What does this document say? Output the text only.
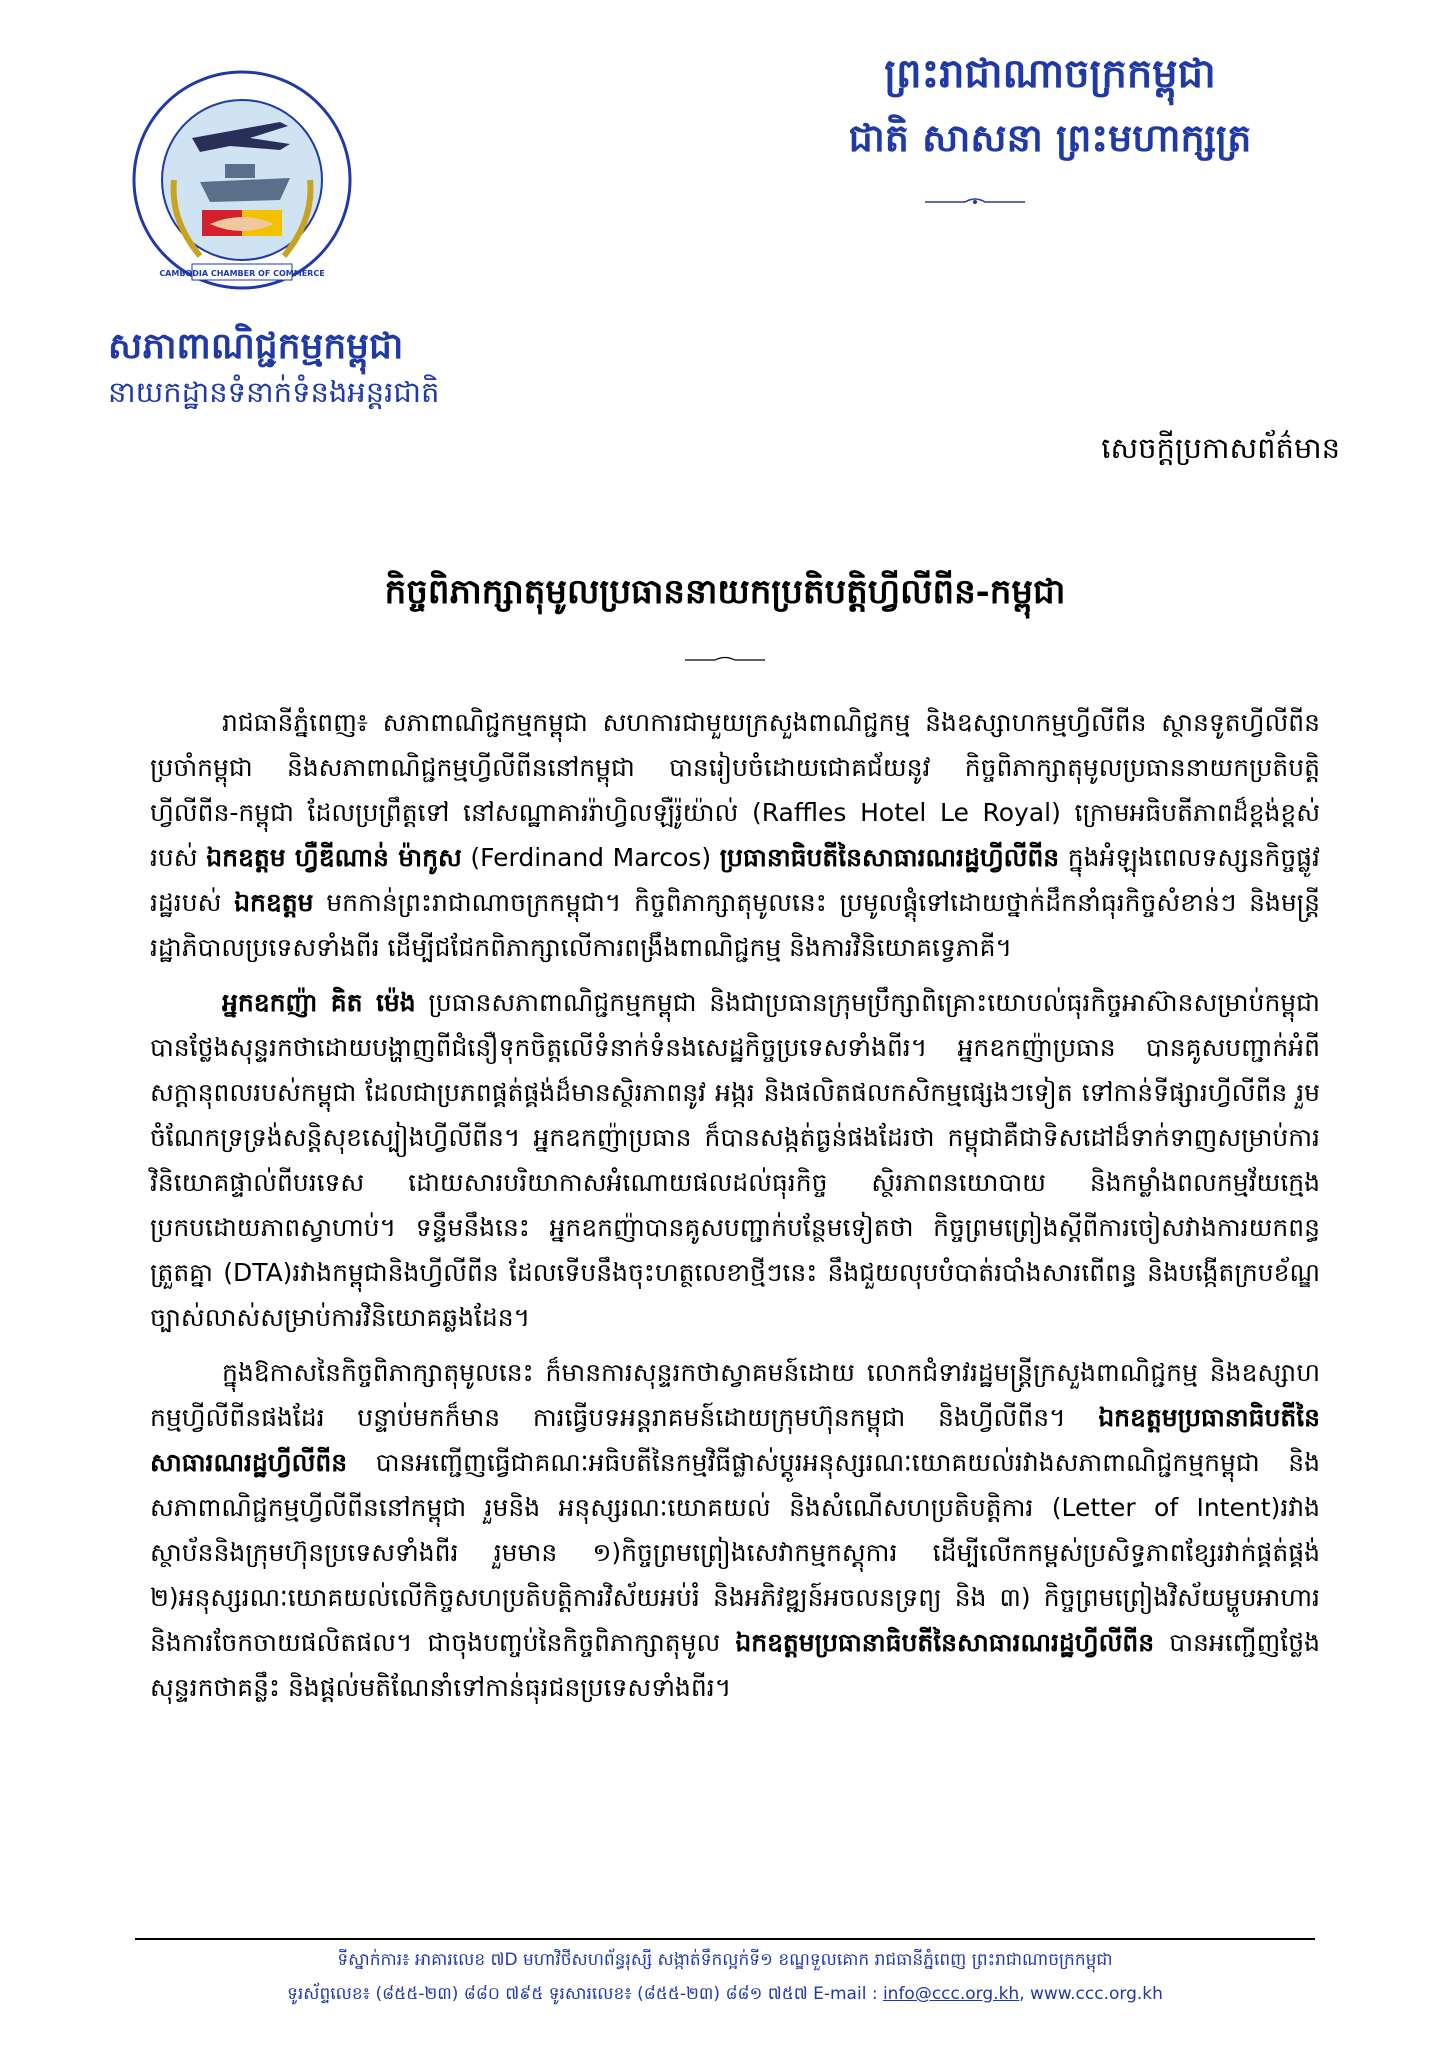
CAMBODIA CHAMBER OF COMMERCE
សភាពាណិជ្ជកម្មកម្ពុជា
នាយកដ្ឋានទំនាក់ទំនងអន្តរជាតិ
ព្រះរាជាណាចក្រកម្ពុជា
ជាតិ សាសនា ព្រះមហាក្សត្រ
សេចក្តីប្រកាសព័ត៌មាន
កិច្ចពិភាក្សាតុមូលប្រធាននាយកប្រតិបត្តិហ្វីលីពីន-កម្ពុជា

រាជធានីភ្នំពេញ៖ សភាពាណិជ្ជកម្មកម្ពុជា សហការជាមួយក្រសួងពាណិជ្ជកម្ម និងឧស្សាហកម្មហ្វីលីពីន ស្ថានទូតហ្វីលីពីនប្រចាំកម្ពុជា និងសភាពាណិជ្ជកម្មហ្វីលីពីននៅកម្ពុជា បានរៀបចំដោយជោគជ័យនូវ កិច្ចពិភាក្សាតុមូលប្រធាននាយកប្រតិបត្តិហ្វីលីពីន-កម្ពុជា ដែលប្រព្រឹត្តទៅ នៅសណ្ឋាគាររ៉ាហ្វិលឡឺរ៉ូយ៉ាល់ (Raffles Hotel Le Royal) ក្រោមអធិបតីភាពដ៏ខ្ពង់ខ្ពស់របស់ ឯកឧត្តម ហ្វឺឌីណាន់ ម៉ាកូស (Ferdinand Marcos) ប្រធានាធិបតីនៃសាធារណរដ្ឋហ្វីលីពីន ក្នុងអំឡុងពេលទស្សនកិច្ចផ្លូវរដ្ឋរបស់ ឯកឧត្តម មកកាន់ព្រះរាជាណាចក្រកម្ពុជា។ កិច្ចពិភាក្សាតុមូលនេះ ប្រមូលផ្តុំទៅដោយថ្នាក់ដឹកនាំធុរកិច្ចសំខាន់ៗ និងមន្រ្តីរដ្ឋាភិបាលប្រទេសទាំងពីរ ដើម្បីជជែកពិភាក្សាលើការពង្រឹងពាណិជ្ជកម្ម និងការវិនិយោគទ្វេភាគី។

អ្នកឧកញ៉ា គិត ម៉េង ប្រធានសភាពាណិជ្ជកម្មកម្ពុជា និងជាប្រធានក្រុមប្រឹក្សាពិគ្រោះយោបល់ធុរកិច្ចអាស៊ានសម្រាប់កម្ពុជា បានថ្លែងសុន្ទរកថាដោយបង្ហាញពីជំនឿទុកចិត្តលើទំនាក់ទំនងសេដ្ឋកិច្ចប្រទេសទាំងពីរ។ អ្នកឧកញ៉ាប្រធាន បានគូសបញ្ជាក់អំពីសក្តានុពលរបស់កម្ពុជា ដែលជាប្រភពផ្គត់ផ្គង់ដ៏មានស្ថិរភាពនូវ អង្ករ និងផលិតផលកសិកម្មផ្សេងៗទៀត ទៅកាន់ទីផ្សារហ្វីលីពីន រួមចំណែកទ្រទ្រង់សន្តិសុខស្បៀងហ្វីលីពីន។ អ្នកឧកញ៉ាប្រធាន ក៏បានសង្កត់ធ្ងន់ផងដែរថា កម្ពុជាគឺជាទិសដៅដ៏ទាក់ទាញសម្រាប់ការវិនិយោគផ្ទាល់ពីបរទេស ដោយសារបរិយាកាសអំណោយផលដល់ធុរកិច្ច ស្ថិរភាពនយោបាយ និងកម្លាំងពលកម្មវ័យក្មេង ប្រកបដោយភាពស្វាហាប់។ ទន្ទឹមនឹងនេះ អ្នកឧកញ៉ាបានគូសបញ្ជាក់បន្ថែមទៀតថា កិច្ចព្រមព្រៀងស្តីពីការចៀសវាងការយកពន្ធត្រួតគ្នា (DTA)រវាងកម្ពុជានិងហ្វីលីពីន ដែលទើបនឹងចុះហត្ថលេខាថ្មីៗនេះ នឹងជួយលុបបំបាត់របាំងសារពើពន្ធ និងបង្កើតក្របខ័ណ្ឌច្បាស់លាស់សម្រាប់ការវិនិយោគឆ្លងដែន។

ក្នុងឱកាសនៃកិច្ចពិភាក្សាតុមូលនេះ ក៏មានការសុន្ទរកថាស្វាគមន៍ដោយ លោកជំទាវរដ្ឋមន្រ្តីក្រសួងពាណិជ្ជកម្ម និងឧស្សាហកម្មហ្វីលីពីនផងដែរ បន្ទាប់មកក៏មាន ការធ្វើបទអន្តរាគមន៍ដោយក្រុមហ៊ុនកម្ពុជា និងហ្វីលីពីន។ ឯកឧត្តមប្រធានាធិបតីនៃសាធារណរដ្ឋហ្វីលីពីន បានអញ្ជើញធ្វើជាគណៈអធិបតីនៃកម្មវិធីផ្លាស់ប្តូរអនុស្សរណៈយោគយល់រវាងសភាពាណិជ្ជកម្មកម្ពុជា និងសភាពាណិជ្ជកម្មហ្វីលីពីននៅកម្ពុជា រួមនិង អនុស្សរណៈយោគយល់ និងសំណើសហប្រតិបត្តិការ (Letter of Intent)រវាងស្ថាប័ននិងក្រុមហ៊ុនប្រទេសទាំងពីរ រួមមាន ១)កិច្ចព្រមព្រៀងសេវាកម្មកស្តុការ ដើម្បីលើកកម្ពស់ប្រសិទ្ធភាពខ្សែរវាក់ផ្គត់ផ្គង់ ២)អនុស្សរណៈយោគយល់លើកិច្ចសហប្រតិបត្តិការវិស័យអប់រំ និងអភិវឌ្ឍន៍អចលនទ្រព្យ និង ៣) កិច្ចព្រមព្រៀងវិស័យម្ហូបអាហារ និងការចែកចាយផលិតផល។ ជាចុងបញ្ចប់នៃកិច្ចពិភាក្សាតុមូល ឯកឧត្តមប្រធានាធិបតីនៃសាធារណរដ្ឋហ្វីលីពីន បានអញ្ជើញថ្លែងសុន្ទរកថាគន្លឹះ និងផ្តល់មតិណែនាំទៅកាន់ធុរជនប្រទេសទាំងពីរ។

ទីស្នាក់ការ៖ អាគារលេខ ៧D មហាវិថីសហព័ន្ធរុស្សី សង្កាត់ទឹកល្អក់ទី១ ខណ្ឌទួលគោក រាជធានីភ្នំពេញ ព្រះរាជាណាចក្រកម្ពុជា
ទូរស័ព្ទលេខ៖ (៨៥៥-២៣) ៨៨០ ៧៩៥ ទូរសារលេខ៖ (៨៥៥-២៣) ៨៨១ ៧៥៧ E-mail : info@ccc.org.kh, www.ccc.org.kh
